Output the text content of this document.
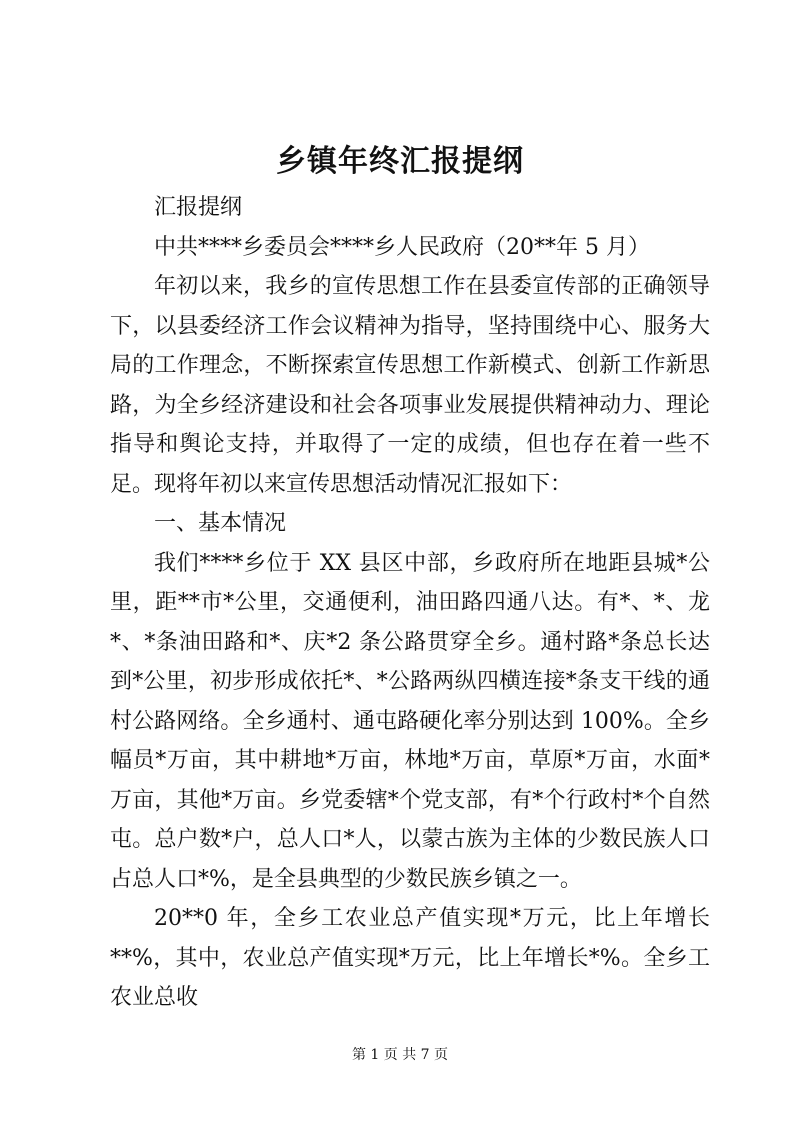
乡镇年终汇报提纲

汇报提纲

中共****乡委员会****乡人民政府（20**年 5 月）

年初以来，我乡的宣传思想工作在县委宣传部的正确领导下，以县委经济工作会议精神为指导，坚持围绕中心、服务大局的工作理念，不断探索宣传思想工作新模式、创新工作新思路，为全乡经济建设和社会各项事业发展提供精神动力、理论指导和舆论支持，并取得了一定的成绩，但也存在着一些不足。现将年初以来宣传思想活动情况汇报如下：

一、基本情况

我们****乡位于 XX 县区中部，乡政府所在地距县城*公里，距**市*公里，交通便利，油田路四通八达。有*、*、龙*、*条油田路和*、庆*2 条公路贯穿全乡。通村路*条总长达到*公里，初步形成依托*、*公路两纵四横连接*条支干线的通村公路网络。全乡通村、通屯路硬化率分别达到 100%。全乡幅员*万亩，其中耕地*万亩，林地*万亩，草原*万亩，水面*万亩，其他*万亩。乡党委辖*个党支部，有*个行政村*个自然屯。总户数*户，总人口*人，以蒙古族为主体的少数民族人口占总人口*%，是全县典型的少数民族乡镇之一。

20**0 年，全乡工农业总产值实现*万元，比上年增长**%，其中，农业总产值实现*万元，比上年增长*%。全乡工农业总收

第 1 页 共 7 页
